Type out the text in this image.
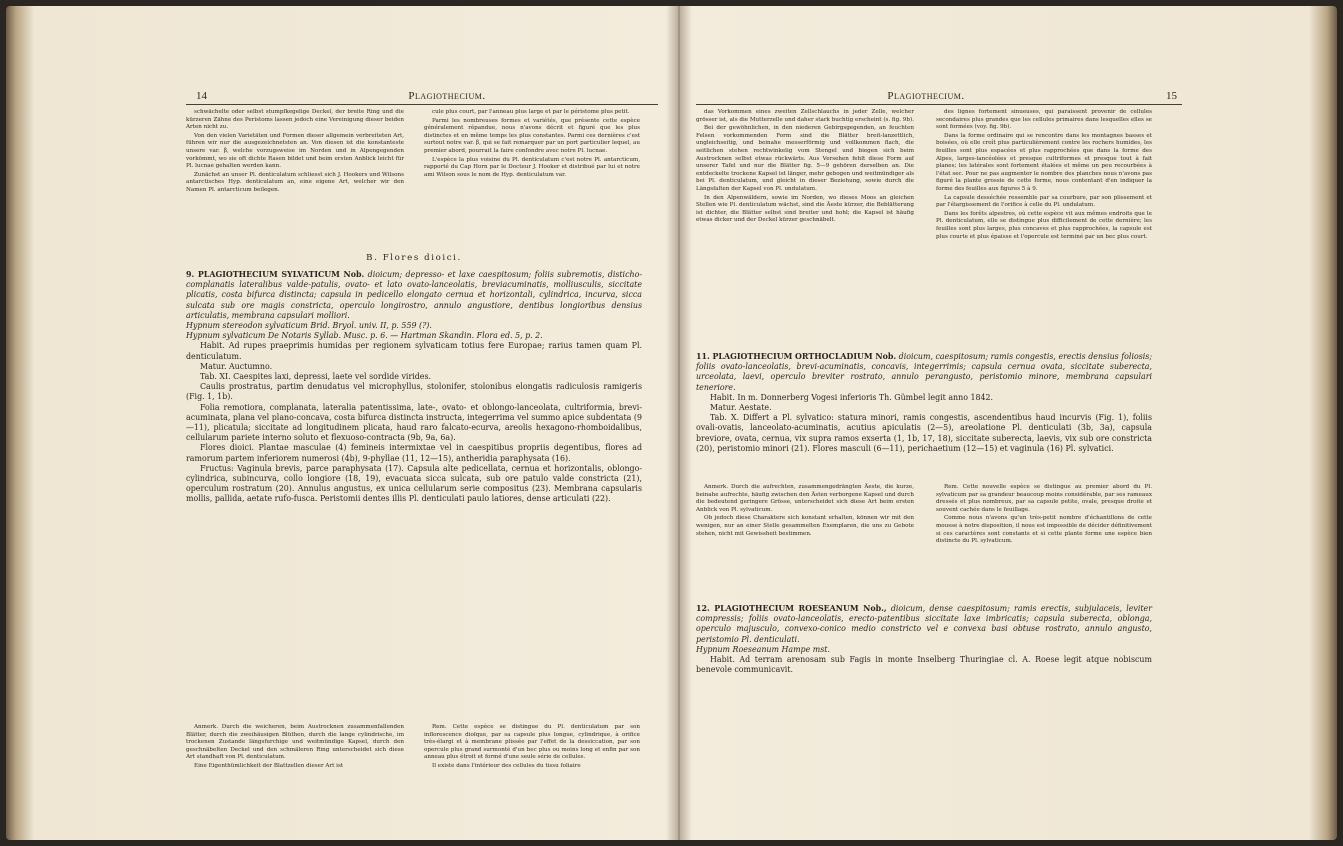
14	Plagiothecium.

schwächelte oder selbst stumpfkegelige Deckel, der breite Ring und die kürzeren Zähne des Peristoms lassen jedoch eine Vereinigung dieser beiden Arten nicht zu.

Von den vielen Varietäten und Formen dieser allgemein verbreiteten Art, führen wir nur die ausgezeichnetsten an. Von diesen ist die konstanteste unsere var. β, welche vorzugsweise im Norden und in Alpengegenden vorkömmt, wo sie oft dichte Rasen bildet und beim ersten Anblick leicht für Pl. lucnae gehalten werden kann.

Zunächst an unser Pl. denticulatum schliesst sich J. Hookers und Wilsons antarctisches Hyp. denticulatum an, eine eigene Art, welcher wir den Namen Pl. antarcticum beilegen.

cule plus court, par l'anneau plus large et par le péristome plus petit.

Parmi les nombreuses formes et variétés, que présente cette espèce généralement répandue, nous n'avons décrit et figuré que les plus distinctes et en même temps les plus constantes. Parmi ces dernières c'est surtout notre var. β, qui se fait remarquer par un port particulier lequel, au premier abord, pourrait la faire confondre avec notre Pl. lucnae.

L'espèce la plus voisine du Pl. denticulatum c'est notre Pl. antarcticum, rapporté du Cap Horn par le Docteur J. Hooker et distribué par lui et notre ami Wilson sous le nom de Hyp. denticulatum var.

B. Flores dioici.

9. PLAGIOTHECIUM SYLVATICUM Nob. dioicum; depresso- et laxe caespitosum; foliis subremotis, disticho-complanatis lateralibus valde-patulis, ovato- et lato ovato-lanceolatis, breviacuminatis, molliusculis, siccitate plicatis, costa bifurca distincta; capsula in pedicello elongato cernua et horizontali, cylindrica, incurva, sicca sulcata sub ore magis constricta, operculo longirostro, annulo angustiore, dentibus longioribus densius articulatis, membrana capsulari molliori.

Hypnum stereodon sylvaticum Brid. Bryol. univ. II, p. 559 (?).

Hypnum sylvaticum De Notaris Syllab. Musc. p. 6. — Hartman Skandin. Flora ed. 5, p. 2.

Habit. Ad rupes praeprimis humidas per regionem sylvaticam totius fere Europae; rarius tamen quam Pl. denticulatum.

Matur. Auctumno.

Tab. XI. Caespites laxi, depressi, laete vel sordide virides.

Caulis prostratus, partim denudatus vel microphyllus, stolonifer, stolonibus elongatis radiculosis ramigeris (Fig. 1, 1b).

Folia remotiora, complanata, lateralia patentissima, late-, ovato- et oblongo-lanceolata, cultriformia, brevi-acuminata, plana vel plano-concava, costa bifurca distincta instructa, integerrima vel summo apice subdentata (9—11), plicatula; siccitate ad longitudinem plicata, haud raro falcato-ecurva, areolis hexagono-rhomboidalibus, cellularum pariete interno soluto et flexuoso-contracta (9b, 9a, 6a).

Flores dioici. Plantae masculae (4) femineis intermixtae vel in caespitibus propriis degentibus, flores ad ramorum partem inferiorem numerosi (4b), 9-phyllae (11, 12—15), antheridia paraphysata (16).

Fructus: Vaginula brevis, parce paraphysata (17). Capsula alte pedicellata, cernua et horizontalis, oblongo-cylindrica, subincurva, collo longiore (18, 19), evacuata sicca sulcata, sub ore patulo valde constricta (21), operculum rostratum (20). Annulus angustus, ex unica cellularum serie compositus (23). Membrana capsularis mollis, pallida, aetate rufo-fusca. Peristomii dentes illis Pl. denticulati paulo latiores, dense articulati (22).

Anmerk. Durch die weicheren, beim Austrocknen zusammenfallenden Blätter, durch die zweihäusigen Blüthen, durch die lange cylindrische, im trockenen Zustande längsfurchige und weitmündige Kapsel, durch den geschnäbelten Deckel und den schmäleren Ring unterscheidet sich diese Art standhaft von Pl. denticulatum.

Eine Eigenthümlichkeit der Blattzellen dieser Art ist

Rem. Cette espèce se distingue du Pl. denticulatum par son inflorescence dioïque, par sa capsule plus longue, cylindrique, à orifice très-élargi et à membrane plissée par l'effet de la dessiccation, par son opercule plus grand surmonté d'un bec plus ou moins long et enfin par son anneau plus étroit et formé d'une seule série de cellules.

Il existe dans l'intérieur des cellules du tissu foliaire

Plagiothecium.	15

das Vorkommen eines zweiten Zellschlauchs in jeder Zelle, welcher grösser ist, als die Mutterzelle und daher stark buchtig erscheint (s. fig. 9b).

Bei der gewöhnlichen, in den niederen Gebirgsgegenden, an feuchten Felsen vorkommenden Form sind die Blätter breit-lanzettlich, ungleichseitig, und beinahe messerförmig und vollkommen flach, die seitlichen stehen rechtwinkelig vom Stengel und biegen sich beim Austrocknen selbst etwas rückwärts. Aus Versehen fehlt diese Form auf unserer Tafel und nur die Blätter fig. 5—9 gehören derselben an. Die entdeckelte trockene Kapsel ist länger, mehr gebogen und weitmündiger als bei Pl. denticulatum, und gleicht in dieser Beziehung, sowie durch die Längsfalten der Kapsel von Pl. undulatum.

In den Alpenwäldern, sowie im Norden, wo dieses Moos an gleichen Stellen wie Pl. denticulatum wächst, sind die Äeste kürzer, die Beblätterung ist dichter, die Blätter selbst sind breiter und hohl; die Kapsel ist häufig etwas dicker und der Deckel kürzer geschnäbelt.

des lignes fortement sinueuses, qui paraissent provenir de cellules secondaires plus grandes que les cellules primaires dans lesquelles elles se sont formées (voy. fig. 9b).

Dans la forme ordinaire qui se rencontre dans les montagnes basses et boisées, où elle croît plus particulièrement contre les rochers humides, les feuilles sont plus espacées et plus rapprochées que dans la forme des Alpes, larges-lancéolées et presque cultriformes et presque tout à fait planes; les latérales sont fortement étalées et même un peu recourbées à l'état sec. Pour ne pas augmenter le nombre des planches nous n'avons pas figuré la plante grossie de cette forme, nous contentant d'en indiquer la forme des feuilles aux figures 5 à 9.

La capsule desséchée ressemble par sa courbure, par son plissement et par l'élargissement de l'orifice à celle du Pl. undulatum.

Dans les forêts alpestres, où cette espèce vit aux mêmes endroits que le Pl. denticulatum, elle se distingue plus difficilement de cette dernière; les feuilles sont plus larges, plus concaves et plus rapprochées, la capsule est plus courte et plus épaisse et l'opercule est terminé par un bec plus court.

11. PLAGIOTHECIUM ORTHOCLADIUM Nob. dioicum, caespitosum; ramis congestis, erectis densius foliosis; foliis ovato-lanceolatis, brevi-acuminatis, concavis, integerrimis; capsula cernua ovata, siccitate suberecta, urceolata, laevi, operculo breviter rostrato, annulo perangusto, peristomio minore, membrana capsulari teneriore.

Habit. In m. Donnerberg Vogesi inferioris Th. Gümbel legit anno 1842.

Matur. Aestate.

Tab. X. Differt a Pl. sylvatico: statura minori, ramis congestis, ascendentibus haud incurvis (Fig. 1), foliis ovali-ovatis, lanceolato-acuminatis, acutius apiculatis (2—5), areolatione Pl. denticulati (3b, 3a), capsula breviore, ovata, cernua, vix supra ramos exserta (1, 1b, 17, 18), siccitate suberecta, laevis, vix sub ore constricta (20), peristomio minori (21). Flores masculi (6—11), perichaetium (12—15) et vaginula (16) Pl. sylvatici.

Anmerk. Durch die aufrechten, zusammengedrängten Äeste, die kurze, beinahe aufrechte, häufig zwischen den Ästen verborgene Kapsel und durch die bedeutend geringere Grösse, unterscheidet sich diese Art beim ersten Anblick von Pl. sylvaticum.

Ob jedoch diese Charaktere sich konstant erhalten, können wir mit den wenigen, nur an einer Stelle gesammelten Exemplaren, die uns zu Gebote stehen, nicht mit Gewissheit bestimmen.

Rem. Cette nouvelle espèce se distingue au premier abord du Pl. sylvaticum par sa grandeur beaucoup moins considérable, par ses rameaux dressés et plus nombreux, par sa capsule petite, ovale, presque droite et souvent cachée dans le feuillage.

Comme nous n'avons qu'un très-petit nombre d'échantillons de cette mousse à notre disposition, il nous est impossible de décider définitivement si ces caractères sont constants et si cette plante forme une espèce bien distincte du Pl. sylvaticum.

12. PLAGIOTHECIUM ROESEANUM Nob., dioicum, dense caespitosum; ramis erectis, subjulaceis, leviter compressis; foliis ovato-lanceolatis, erecto-patentibus siccitate laxe imbricatis; capsula suberecta, oblonga, operculo majusculo, convexo-conico medio constricto vel e convexa basi obtuse rostrato, annulo angusto, peristomio Pl. denticulati.

Hypnum Roeseanum Hampe mst.

Habit. Ad terram arenosam sub Fagis in monte Inselberg Thuringiae cl. A. Roese legit atque nobiscum benevole communicavit.
